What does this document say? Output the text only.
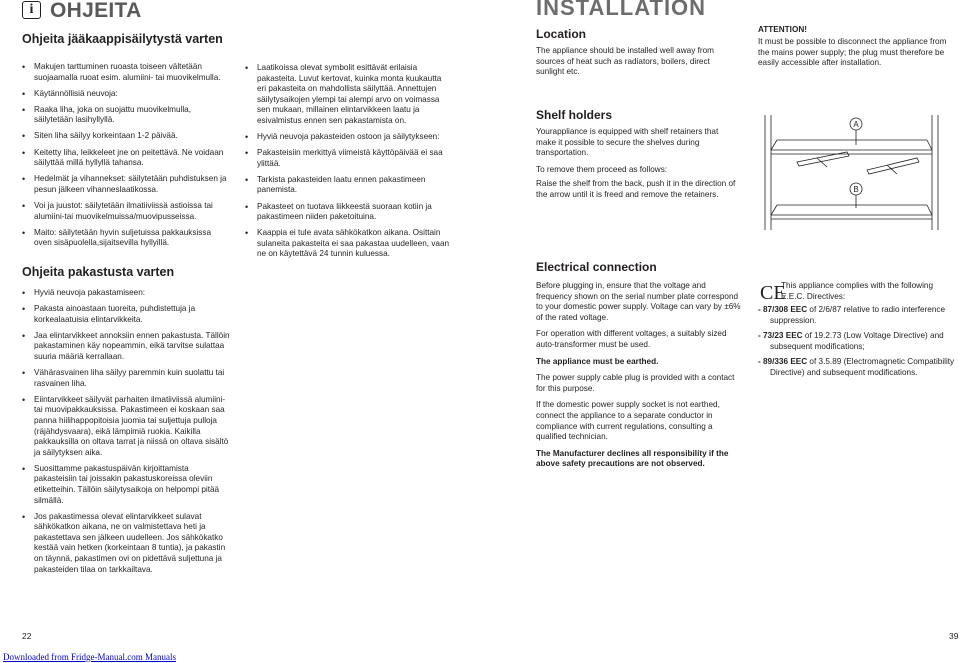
i OHJEITA
Ohjeita jääkaappisäilytystä varten
• Makujen tarttuminen ruoasta toiseen vältetään suojaamalla ruoat esim. alumiini- tai muovikelmulla.
• Käytännöllisiä neuvoja:
• Raaka liha, joka on suojattu muovikelmulla, säilytetään lasihyllyllä.
• Siten liha säilyy korkeintaan 1-2 päivää.
• Keitetty liha, leikkeleet jne on peitettävä. Ne voidaan säilyttää millä hyllyllä tahansa.
• Hedelmät ja vihannekset: säilytetään puhdistuksen ja pesun jälkeen vihanneslaatikossa.
• Voi ja juustot: säilytetään ilmatiiviissä astioissa tai alumiini-tai muovikelmuissa/muovipusseissa.
• Maito: säilytetään hyvin suljetuissa pakkauksissa oven sisäpuolella,sijaitsevilla hyllyillä.
Ohjeita pakastusta varten
• Hyviä neuvoja pakastamiseen:
• Pakasta ainoastaan tuoreita, puhdistettuja ja korkealaatuisia elintarvikkeita.
• Jaa elintarvikkeet annoksiin ennen pakastusta. Tällöin pakastaminen käy nopeammin, eikä tarvitse sulattaa suuria määriä kerrallaan.
• Vähärasvainen liha säilyy paremmin kuin suolattu tai rasvainen liha.
• Eiintarvikkeet säilyvät parhaiten ilmatiiviissä alumiini-tai muovipakkauksissa. Pakastimeen ei koskaan saa panna hiilihappopitoisia juomia tai suljettuja pulloja (räjähdysvaara), eikä lämpimiä ruokia. Kaikilla pakkauksilla on oltava tarrat ja niissä on oltava sisältö ja säilytyksen aika.
• Suosittamme pakastuspäivän kirjoittamista pakasteisiin tai joissakin pakastuskoreissa oleviin etiketteihin. Tällöin säilytysaikoja on helpompi pitää silmällä.
• Jos pakastimessa olevat elintarvikkeet sulavat sähkökatkon aikana, ne on valmistettava heti ja pakastettava sen jälkeen uudelleen. Jos sähkökatko kestää vain hetken (korkeintaan 8 tuntia), ja pakastin on täynnä, pakastimen ovi on pidettävä suljettuna ja pakasteiden tilaa on tarkkailtava.
22
Downloaded from Fridge-Manual.com Manuals
• Laatikoissa olevat symbolit esittävät erilaisia pakasteita. Luvut kertovat, kuinka monta kuukautta eri pakasteita on mahdollista säilyttää. Annettujen säilytysaikojen ylempi tai alempi arvo on voimassa sen mukaan, millainen elintarvikkeen laatu ja esivalmistus ennen sen pakastamista on.
• Hyviä neuvoja pakasteiden ostoon ja säilytykseen:
• Pakasteisiin merkittyä viimeistä käyttöpäivää ei saa ylittää.
• Tarkista pakasteiden laatu ennen pakastimeen panemista.
• Pakasteet on tuotava liikkeestä suoraan kotiin ja pakastimeen niiden paketoituina.
• Kaappia ei tule avata sähkökatkon aikana. Osittain sulaneita pakasteita ei saa pakastaa uudelleen, vaan ne on käytettävä 24 tunnin kuluessa.
INSTALLATION
Location

The appliance should be installed well away from sources of heat such as radiators, boilers, direct sunlight etc.

Shelf holders

Yourappliance is equipped with shelf retainers that make it possible to secure the shelves during transportation.

To remove them proceed as follows:

Raise the shelf from the back, push it in the direction of the arrow until it is freed and remove the retainers.

A
B
Electrical connection

Before plugging in, ensure that the voltage and frequency shown on the serial number plate correspond to your domestic power supply. Voltage can vary by ±6% of the rated voltage.

For operation with different voltages, a suitably sized auto-transformer must be used.

The appliance must be earthed.

The power supply cable plug is provided with a contact for this purpose.

If the domestic power supply socket is not earthed, connect the appliance to a separate conductor in compliance with current regulations, consulting a qualified technician.

The Manufacturer declines all responsibility if the above safety precautions are not observed.

ATTENTION!

It must be possible to disconnect the appliance from the mains power supply; the plug must therefore be easily accessible after installation.

CE

This appliance complies with the following E.E.C. Directives:

- 87/308 EEC of 2/6/87 relative to radio interference suppression.
- 73/23 EEC of 19.2.73 (Low Voltage Directive) and subsequent modifications;
- 89/336 EEC of 3.5.89 (Electromagnetic Compatibility Directive) and subsequent modifications.
39
